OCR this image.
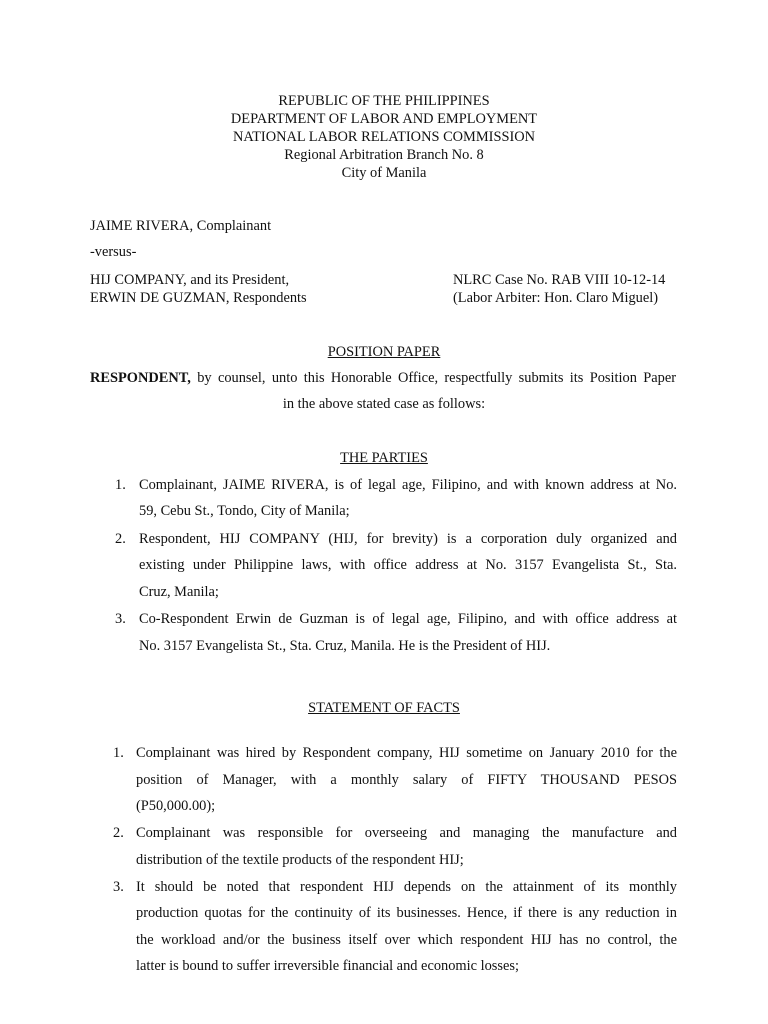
REPUBLIC OF THE PHILIPPINES
DEPARTMENT OF LABOR AND EMPLOYMENT
NATIONAL LABOR RELATIONS COMMISSION
Regional Arbitration Branch No. 8
City of Manila
JAIME RIVERA, Complainant
-versus-
HIJ COMPANY, and its President,
ERWIN DE GUZMAN, Respondents
NLRC Case No. RAB VIII 10-12-14
(Labor Arbiter: Hon. Claro Miguel)
POSITION PAPER
RESPONDENT, by counsel, unto this Honorable Office, respectfully submits its Position Paper
in the above stated case as follows:
THE PARTIES
1. Complainant, JAIME RIVERA, is of legal age, Filipino, and with known address at No.
59, Cebu St., Tondo, City of Manila;
2. Respondent, HIJ COMPANY (HIJ, for brevity) is a corporation duly organized and
existing under Philippine laws, with office address at No. 3157 Evangelista St., Sta.
Cruz, Manila;
3. Co-Respondent Erwin de Guzman is of legal age, Filipino, and with office address at
No. 3157 Evangelista St., Sta. Cruz, Manila. He is the President of HIJ.
STATEMENT OF FACTS
1. Complainant was hired by Respondent company, HIJ sometime on January 2010 for the
position of Manager, with a monthly salary of FIFTY THOUSAND PESOS
(P50,000.00);
2. Complainant was responsible for overseeing and managing the manufacture and
distribution of the textile products of the respondent HIJ;
3. It should be noted that respondent HIJ depends on the attainment of its monthly
production quotas for the continuity of its businesses. Hence, if there is any reduction in
the workload and/or the business itself over which respondent HIJ has no control, the
latter is bound to suffer irreversible financial and economic losses;
